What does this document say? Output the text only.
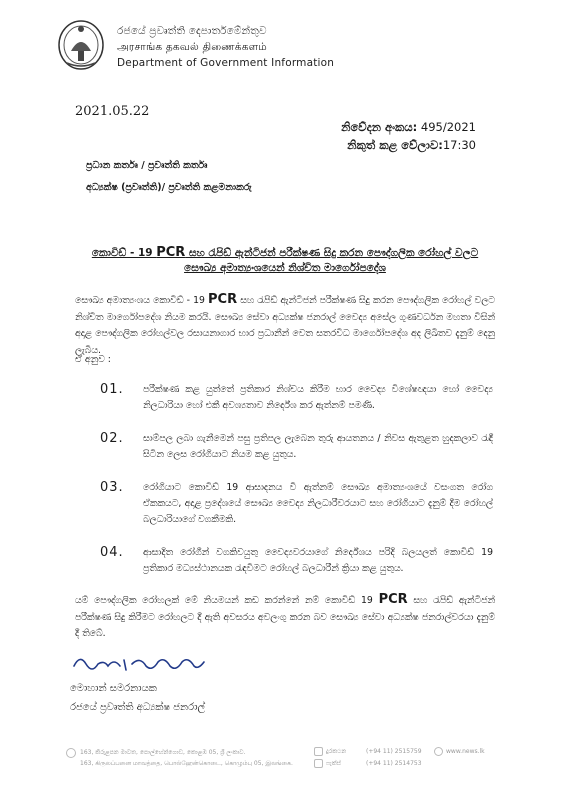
රජයේ ප්‍රවෘත්ති දෙපාර්තමේන්තුව
அரசாங்க தகவல் திணைக்களம்
Department of Government Information
2021.05.22
නිවේදන අංකය: 495/2021
නිකුත් කළ වේලාව:17:30
ප්‍රධාන කර්තෘ / ප්‍රවෘත්ති කර්තෘ
අධ්‍යක්ෂ (ප්‍රවෘත්ති)/ ප්‍රවෘත්ති කළමනාකරු
කොවිඩ් - 19 PCR සහ රැපිඩ් ඇන්ටිජන් පරීක්ෂණ සිදු කරන පෞද්ගලික රෝහල් වලට සෞඛ්‍ය අමාත්‍යංශයෙන් නිශ්චිත මාර්ගෝපදේශ
සෞඛ්‍ය අමාත්‍යංශය කොවිඩ් - 19 PCR සහ රැපිඩ් ඇන්ටිජන් පරීක්ෂණ සිදු කරන පෞද්ගලික රෝහල් වලට නිශ්චිත මාර්ගෝපදේශ නියම කරයි. සෞඛ්‍ය සේවා අධ්‍යක්ෂ ජනරාල් වෛද්‍ය අසේල ගුණවර්ධන මහතා විසින් අදාළ පෞද්ගලික රෝහල්වල රසායනාගාර භාර ප්‍රධානීන් වෙත සතරවිධ මාර්ගෝපදේශ අද ලිඛිතව දැනුම් දෙනු ලැබීය.
ඒ අනුව :
01. පරීක්ෂණ කළ යුත්තේ ප්‍රතිකාර නිශ්චය කිරීම භාර වෛද්‍ය විශේෂඥයා හෝ වෛද්‍ය නිලධාරියා හෝ එකී අවශ්‍යතාව නිර්දේශ කර ඇත්නම් පමණි.
02. සාම්පල ලබා ගැනීමෙන් පසු ප්‍රතිපල ලැබෙන තුරු ආයතනය / නිවස ඇතුළත හුදකලාව රැඳී සිටින ලෙස රෝගියාට නියම කළ යුතුය.
03. රෝගියාට කොවිඩ් 19 ආසාදනය වී ඇත්නම් සෞඛ්‍ය අමාත්‍යංශයේ වසංගත රෝග ඒකකයට, අදාළ ප්‍රදේශයේ සෞඛ්‍ය වෛද්‍ය නිලධාරීවරයාට සහ රෝගියාට දැනුම් දීම රෝහල් බලධාරියාගේ වගකීමකි.
04. ආසාදිත රෝගීන් වගකිවයුතු වෛද්‍යවරයාගේ නිර්දේශය පරිදි බලයලත් කොවිඩ් 19 ප්‍රතිකාර මධ්‍යස්ථානයක රැඳවීමට රෝහල් බලධාරීන් ක්‍රියා කළ යුතුය.
යම් පෞද්ගලික රෝහලක් මේ නියමයන් කඩ කරන්නේ නම් කොවිඩ් 19 PCR සහ රැපිඩ් ඇන්ටිජන් පරීක්ෂණ සිදු කිරීමට රෝහලට දී ඇති අවසරය අවලංගු කරන බව සෞඛ්‍ය සේවා අධ්‍යක්ෂ ජනරාල්වරයා දැනුම් දී තිබේ.
මොහාන් සමරනායක
රජයේ ප්‍රවෘත්ති අධ්‍යක්ෂ ජනරාල්
163, කිරුළපන මාවත, පොල්හේන්ගොඩ, කොළඹ 05, ශ්‍රී ලංකාව.
163, கிருலப்பனை மாவத்தை, பொல்ஹேன்கொடை, கொழும்பு 05, இலங்கை.
දුරකථන	(+94 11) 2515759
ෆැක්ස්	(+94 11) 2514753
www.news.lk
